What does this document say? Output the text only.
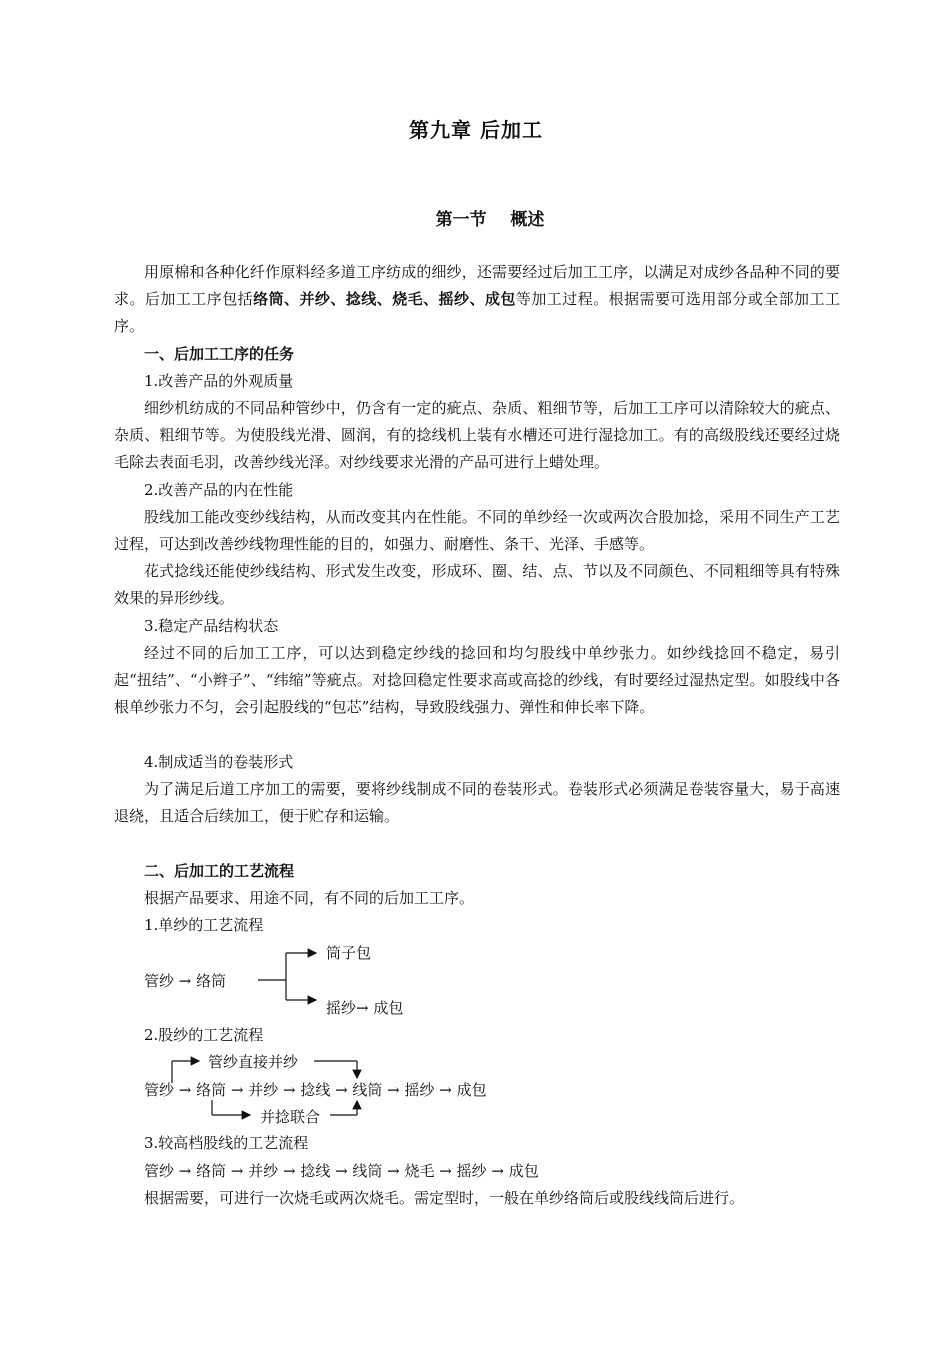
第九章 后加工
第一节 概述
用原棉和各种化纤作原料经多道工序纺成的细纱，还需要经过后加工工序，以满足对成纱各品种不同的要求。后加工工序包括络筒、并纱、捻线、烧毛、摇纱、成包等加工过程。根据需要可选用部分或全部加工工序。
一、后加工工序的任务
1.改善产品的外观质量
细纱机纺成的不同品种管纱中，仍含有一定的疵点、杂质、粗细节等，后加工工序可以清除较大的疵点、杂质、粗细节等。为使股线光滑、圆润，有的捻线机上装有水槽还可进行湿捻加工。有的高级股线还要经过烧毛除去表面毛羽，改善纱线光泽。对纱线要求光滑的产品可进行上蜡处理。
2.改善产品的内在性能
股线加工能改变纱线结构，从而改变其内在性能。不同的单纱经一次或两次合股加捻，采用不同生产工艺过程，可达到改善纱线物理性能的目的，如强力、耐磨性、条干、光泽、手感等。
花式捻线还能使纱线结构、形式发生改变，形成环、圈、结、点、节以及不同颜色、不同粗细等具有特殊效果的异形纱线。
3.稳定产品结构状态
经过不同的后加工工序，可以达到稳定纱线的捻回和均匀股线中单纱张力。如纱线捻回不稳定，易引起“扭结”、“小辫子”、“纬缩”等疵点。对捻回稳定性要求高或高捻的纱线，有时要经过湿热定型。如股线中各根单纱张力不匀，会引起股线的“包芯”结构，导致股线强力、弹性和伸长率下降。
4.制成适当的卷装形式
为了满足后道工序加工的需要，要将纱线制成不同的卷装形式。卷装形式必须满足卷装容量大，易于高速退绕，且适合后续加工，便于贮存和运输。
二、后加工的工艺流程
根据产品要求、用途不同，有不同的后加工工序。
1.单纱的工艺流程
筒子包
管纱 → 络筒
摇纱→ 成包
2.股纱的工艺流程
管纱直接并纱
管纱 → 络筒 → 并纱 → 捻线 → 线筒 → 摇纱 → 成包
并捻联合
3.较高档股线的工艺流程
管纱 → 络筒 → 并纱 → 捻线 → 线筒 → 烧毛 → 摇纱 → 成包
根据需要，可进行一次烧毛或两次烧毛。需定型时，一般在单纱络筒后或股线线筒后进行。
